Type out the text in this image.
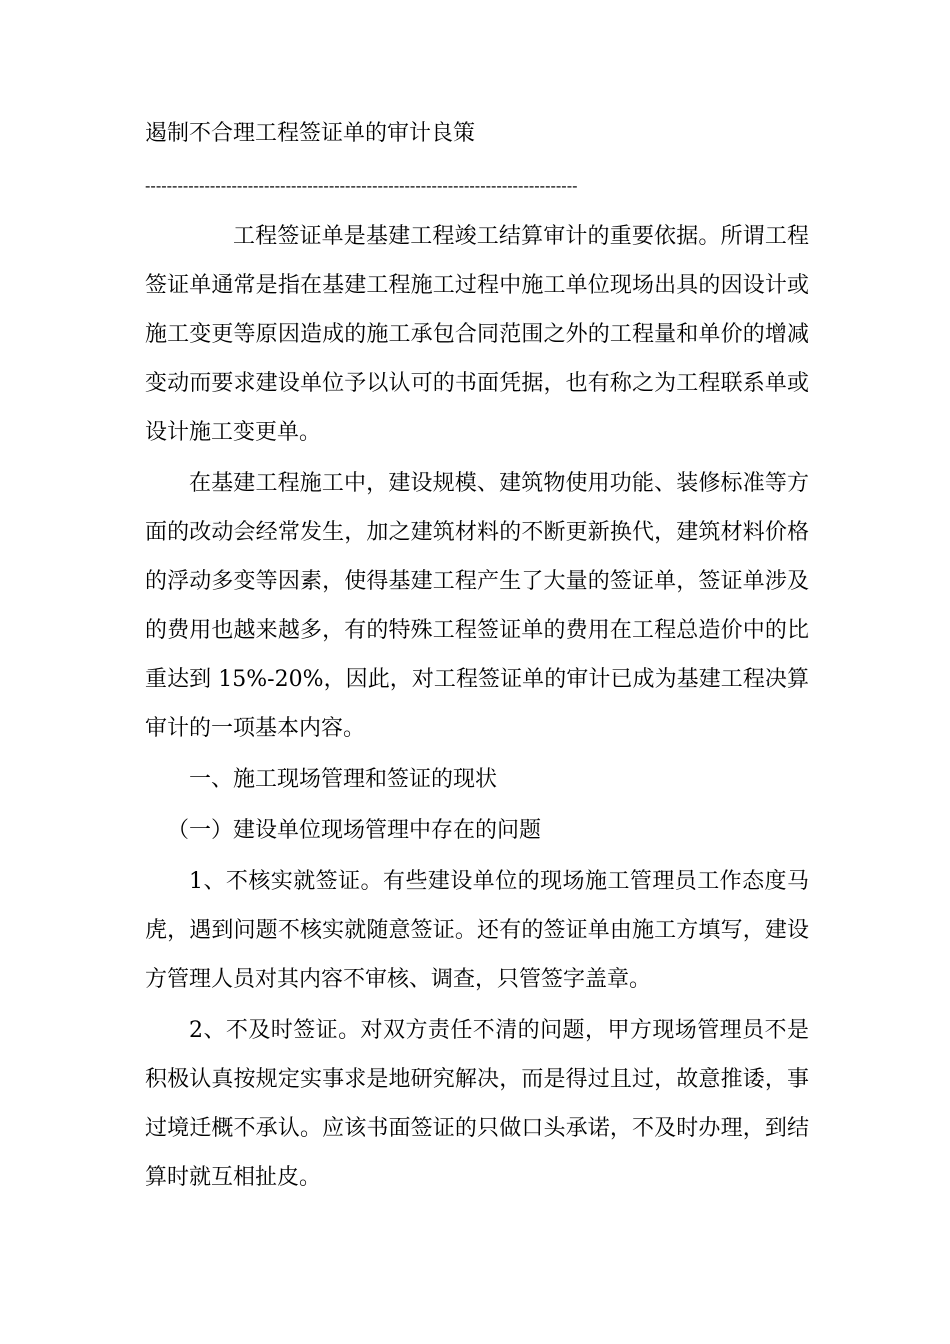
遏制不合理工程签证单的审计良策
--------------------------------------------------------------------------------

工程签证单是基建工程竣工结算审计的重要依据。所谓工程签证单通常是指在基建工程施工过程中施工单位现场出具的因设计或施工变更等原因造成的施工承包合同范围之外的工程量和单价的增减变动而要求建设单位予以认可的书面凭据，也有称之为工程联系单或设计施工变更单。

在基建工程施工中，建设规模、建筑物使用功能、装修标准等方面的改动会经常发生，加之建筑材料的不断更新换代，建筑材料价格的浮动多变等因素，使得基建工程产生了大量的签证单，签证单涉及的费用也越来越多，有的特殊工程签证单的费用在工程总造价中的比重达到 15%-20%，因此，对工程签证单的审计已成为基建工程决算审计的一项基本内容。

一、施工现场管理和签证的现状

（一）建设单位现场管理中存在的问题

1、不核实就签证。有些建设单位的现场施工管理员工作态度马虎，遇到问题不核实就随意签证。还有的签证单由施工方填写，建设方管理人员对其内容不审核、调查，只管签字盖章。

2、不及时签证。对双方责任不清的问题，甲方现场管理员不是积极认真按规定实事求是地研究解决，而是得过且过，故意推诿，事过境迁概不承认。应该书面签证的只做口头承诺，不及时办理，到结算时就互相扯皮。
